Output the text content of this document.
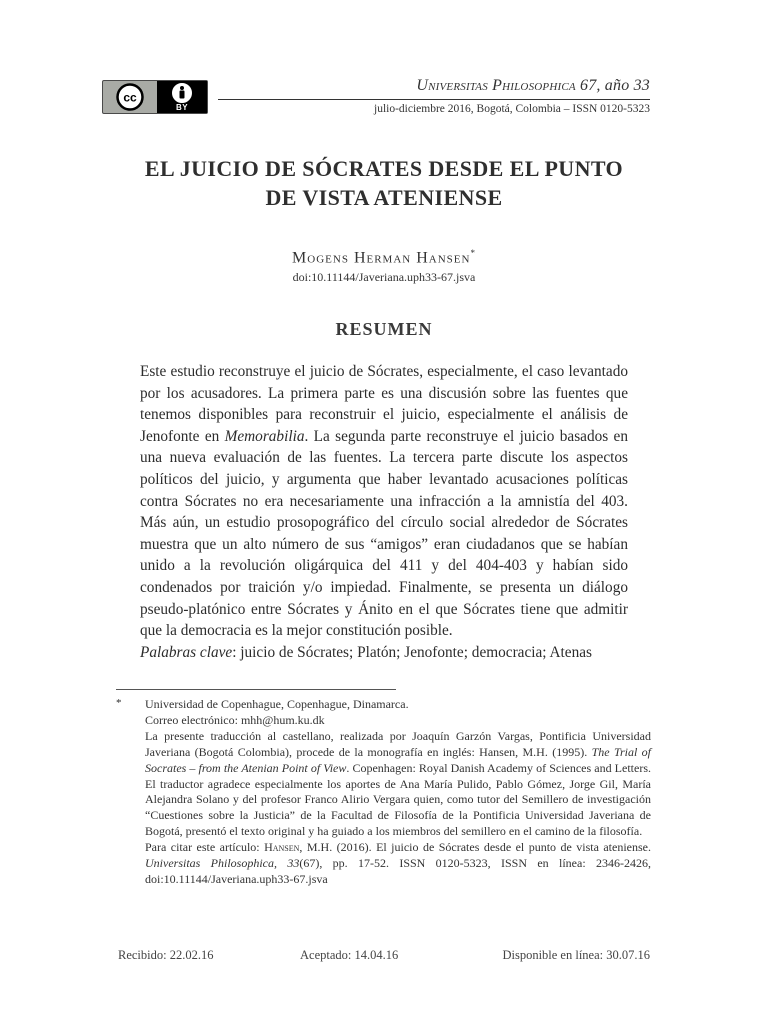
cc
BY
Universitas Philosophica 67, año 33
julio-diciembre 2016, Bogotá, Colombia – ISSN 0120-5323
EL JUICIO DE SÓCRATES DESDE EL PUNTO
DE VISTA ATENIENSE
Mogens Herman Hansen*
doi:10.11144/Javeriana.uph33-67.jsva
RESUMEN

Este estudio reconstruye el juicio de Sócrates, especialmente, el caso levantado por los acusadores. La primera parte es una discusión sobre las fuentes que tenemos disponibles para reconstruir el juicio, especialmente el análisis de Jenofonte en Memorabilia. La segunda parte reconstruye el juicio basados en una nueva evaluación de las fuentes. La tercera parte discute los aspectos políticos del juicio, y argumenta que haber levantado acusaciones políticas contra Sócrates no era necesariamente una infracción a la amnistía del 403. Más aún, un estudio prosopográfico del círculo social alrededor de Sócrates muestra que un alto número de sus “amigos” eran ciudadanos que se habían unido a la revolución oligárquica del 411 y del 404-403 y habían sido condenados por traición y/o impiedad. Finalmente, se presenta un diálogo pseudo-platónico entre Sócrates y Ánito en el que Sócrates tiene que admitir que la democracia es la mejor constitución posible.

Palabras clave: juicio de Sócrates; Platón; Jenofonte; democracia; Atenas
* Universidad de Copenhague, Copenhague, Dinamarca.

Correo electrónico: mhh@hum.ku.dk

La presente traducción al castellano, realizada por Joaquín Garzón Vargas, Pontificia Universidad Javeriana (Bogotá Colombia), procede de la monografía en inglés: Hansen, M.H. (1995). The Trial of Socrates – from the Atenian Point of View. Copenhagen: Royal Danish Academy of Sciences and Letters. El traductor agradece especialmente los aportes de Ana María Pulido, Pablo Gómez, Jorge Gil, María Alejandra Solano y del profesor Franco Alirio Vergara quien, como tutor del Semillero de investigación “Cuestiones sobre la Justicia” de la Facultad de Filosofía de la Pontificia Universidad Javeriana de Bogotá, presentó el texto original y ha guiado a los miembros del semillero en el camino de la filosofía.

Para citar este artículo: Hansen, M.H. (2016). El juicio de Sócrates desde el punto de vista ateniense. Universitas Philosophica, 33(67), pp. 17-52. ISSN 0120-5323, ISSN en línea: 2346-2426, doi:10.11144/Javeriana.uph33-67.jsva

Recibido: 22.02.16	Aceptado: 14.04.16	Disponible en línea: 30.07.16
